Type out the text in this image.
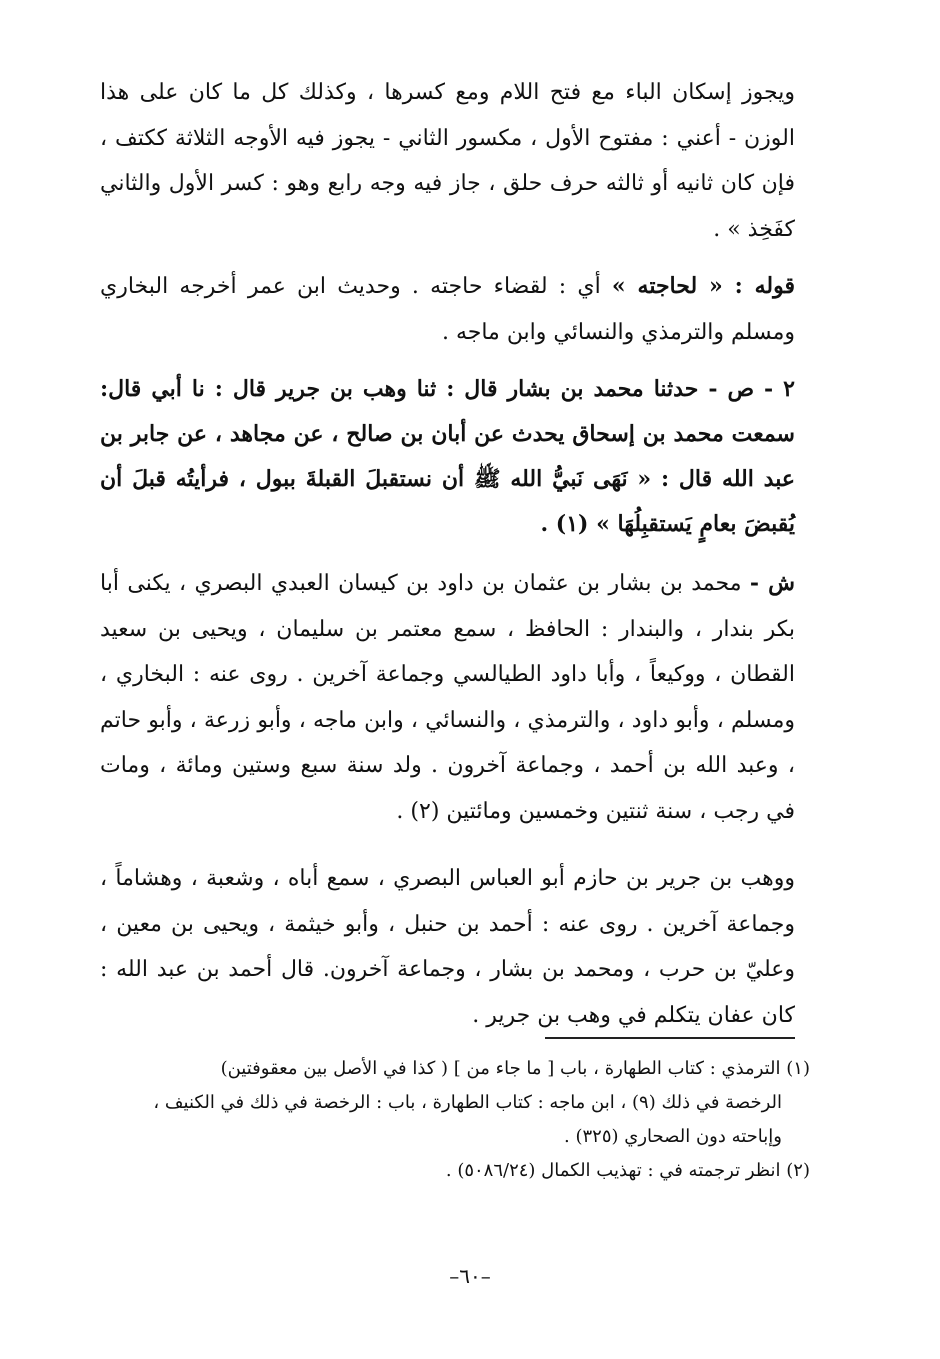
ويجوز إسكان الباء مع فتح اللام ومع كسرها ، وكذلك كل ما كان على هذا الوزن - أعني : مفتوح الأول ، مكسور الثاني - يجوز فيه الأوجه الثلاثة ككتف ، فإن كان ثانيه أو ثالثه حرف حلق ، جاز فيه وجه رابع وهو : كسر الأول والثاني كفَخِذ » .

قوله : « لحاجته » أي : لقضاء حاجته . وحديث ابن عمر أخرجه البخاري ومسلم والترمذي والنسائي وابن ماجه .

٢ - ص - حدثنا محمد بن بشار قال : ثنا وهب بن جرير قال : نا أبي قال: سمعت محمد بن إسحاق يحدث عن أبان بن صالح ، عن مجاهد ، عن جابر بن عبد الله قال : « نَهَى نَبيُّ الله ﷺ أن نستقبلَ القبلةَ ببول ، فرأيتُه قبلَ أن يُقبضَ بعامٍ يَستقبِلُهَا » (١) .

ش - محمد بن بشار بن عثمان بن داود بن كيسان العبدي البصري ، يكنى أبا بكر بندار ، والبندار : الحافظ ، سمع معتمر بن سليمان ، ويحيى بن سعيد القطان ، ووكيعاً ، وأبا داود الطيالسي وجماعة آخرين . روى عنه : البخاري ، ومسلم ، وأبو داود ، والترمذي ، والنسائي ، وابن ماجه ، وأبو زرعة ، وأبو حاتم ، وعبد الله بن أحمد ، وجماعة آخرون . ولد سنة سبع وستين ومائة ، ومات في رجب ، سنة ثنتين وخمسين ومائتين (٢) .

ووهب بن جرير بن حازم أبو العباس البصري ، سمع أباه ، وشعبة ، وهشاماً ، وجماعة آخرين . روى عنه : أحمد بن حنبل ، وأبو خيثمة ، ويحيى بن معين ، وعليّ بن حرب ، ومحمد بن بشار ، وجماعة آخرون. قال أحمد بن عبد الله : كان عفان يتكلم في وهب بن جرير .

(١) الترمذي : كتاب الطهارة ، باب [ ما جاء من ] ( كذا في الأصل بين معقوفتين)
الرخصة في ذلك (٩) ، ابن ماجه : كتاب الطهارة ، باب : الرخصة في ذلك في الكنيف ، وإباحته دون الصحاري (٣٢٥) .

(٢) انظر ترجمته في : تهذيب الكمال (٥٠٨٦/٢٤) .

–٦٠–
